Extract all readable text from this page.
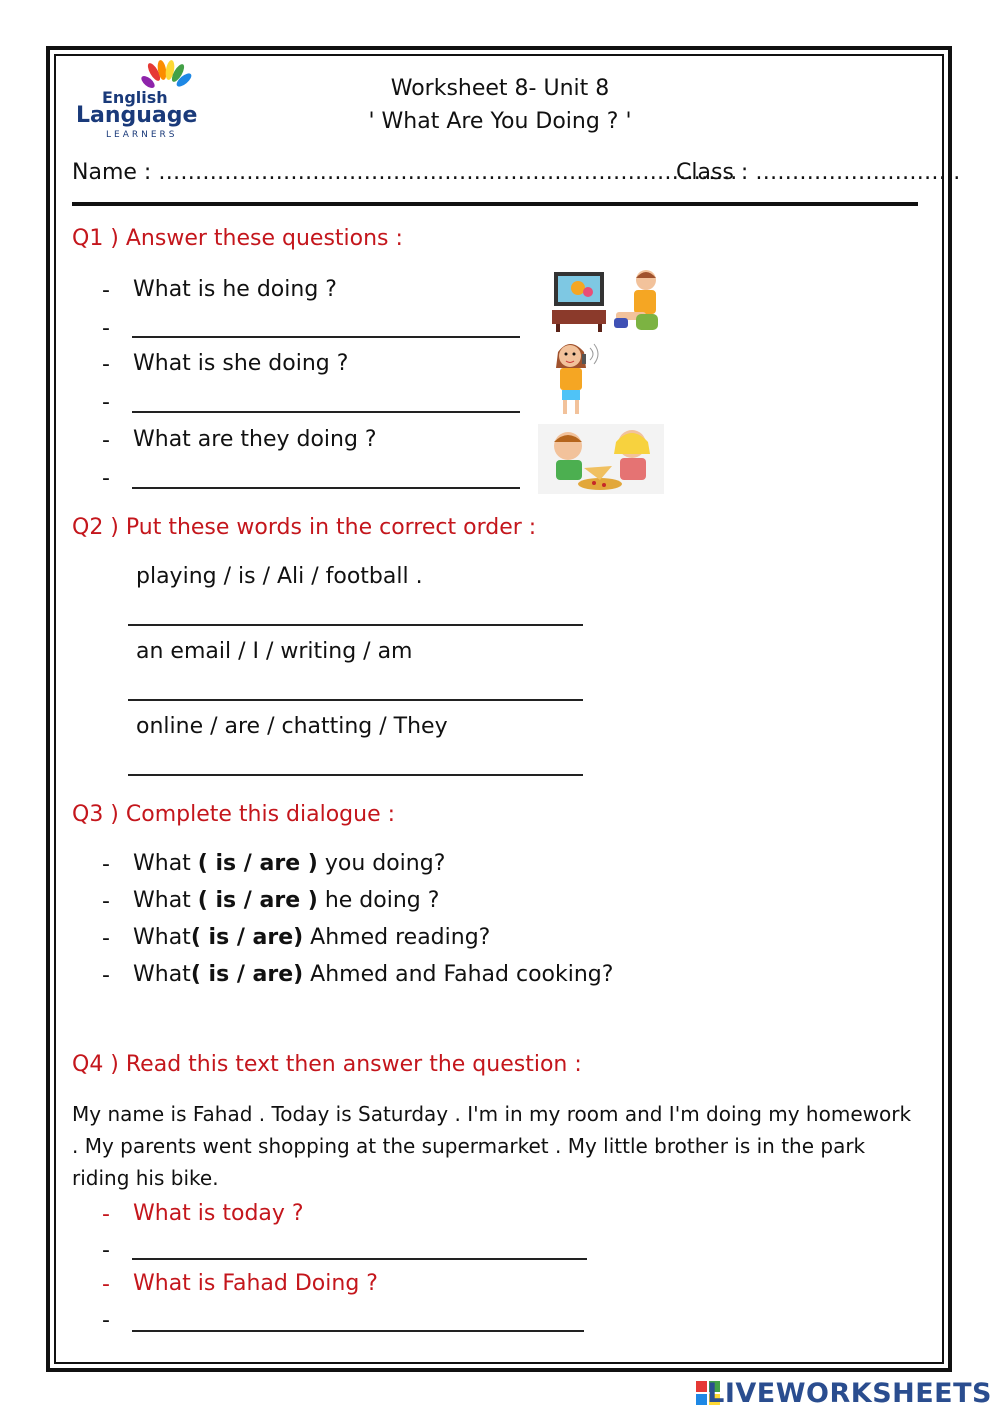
English
Language
LEARNERS
Worksheet 8- Unit 8
' What Are You Doing ? '
Name : …………………………………………………………………….
Class : ……………………….
Q1 ) Answer these questions :
- What is he doing ?
-
- What is she doing ?
-
- What are they doing ?
-
Q2 ) Put these words in the correct order :
playing / is / Ali / football .
an email / I / writing / am
online / are / chatting / They
Q3 ) Complete this dialogue :
- What ( is / are ) you doing?
- What ( is / are ) he doing ?
- What( is / are) Ahmed reading?
- What( is / are) Ahmed and Fahad cooking?
Q4 ) Read this text then answer the question :
My name is Fahad . Today is Saturday . I'm in my room and I'm doing my homework . My parents went shopping at the supermarket . My little brother is in the park riding his bike.
- What is today ?
-
- What is Fahad Doing ?
-
LIVEWORKSHEETS
